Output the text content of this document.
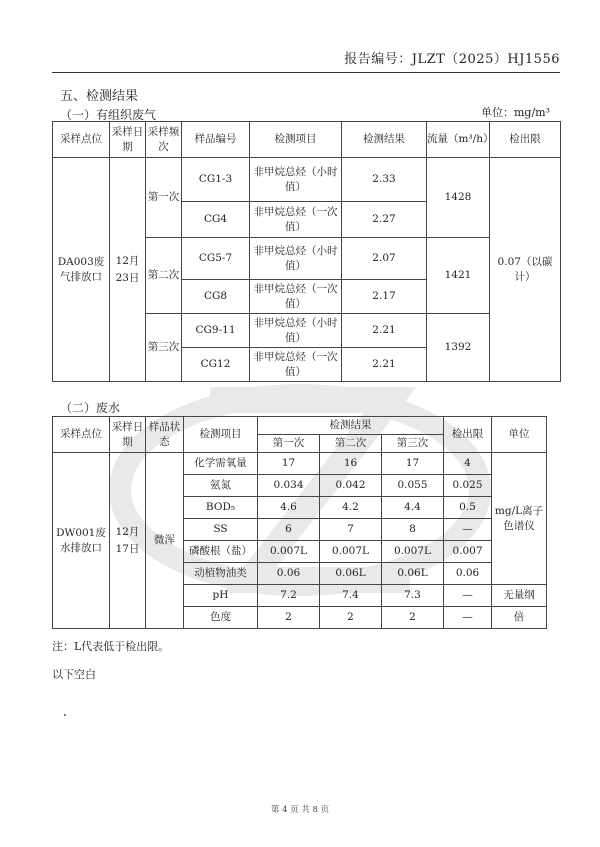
报告编号：JLZT（2025）HJ1556
五、检测结果
（一）有组织废气	单位：mg/m³
采样点位	采样日期	采样频次	样品编号	检测项目	检测结果	流量（m³/h）	检出限
DA003废气排放口	12月23日	第一次	CG1-3	非甲烷总烃（小时值）	2.33	1428	0.07（以碳计）
			CG4	非甲烷总烃（一次值）	2.27		
		第二次	CG5-7	非甲烷总烃（小时值）	2.07	1421	
			CG8	非甲烷总烃（一次值）	2.17		
		第三次	CG9-11	非甲烷总烃（小时值）	2.21	1392	
			CG12	非甲烷总烃（一次值）	2.21		
（二）废水
采样点位	采样日期	样品状态	检测项目	检测结果			检出限	单位
				第一次	第二次	第三次		
DW001废水排放口	12月17日	微浑	化学需氧量	17	16	17	4	mg/L离子色谱仪
			氨氮	0.034	0.042	0.055	0.025	
			BOD₅	4.6	4.2	4.4	0.5	
			SS	6	7	8	—	
			磷酸根（盐）	0.007L	0.007L	0.007L	0.007	
			动植物油类	0.06	0.06L	0.06L	0.06	
			pH	7.2	7.4	7.3	—	无量纲
			色度	2	2	2	—	倍
注：L代表低于检出限。
以下空白
第 4 页 共 8 页
